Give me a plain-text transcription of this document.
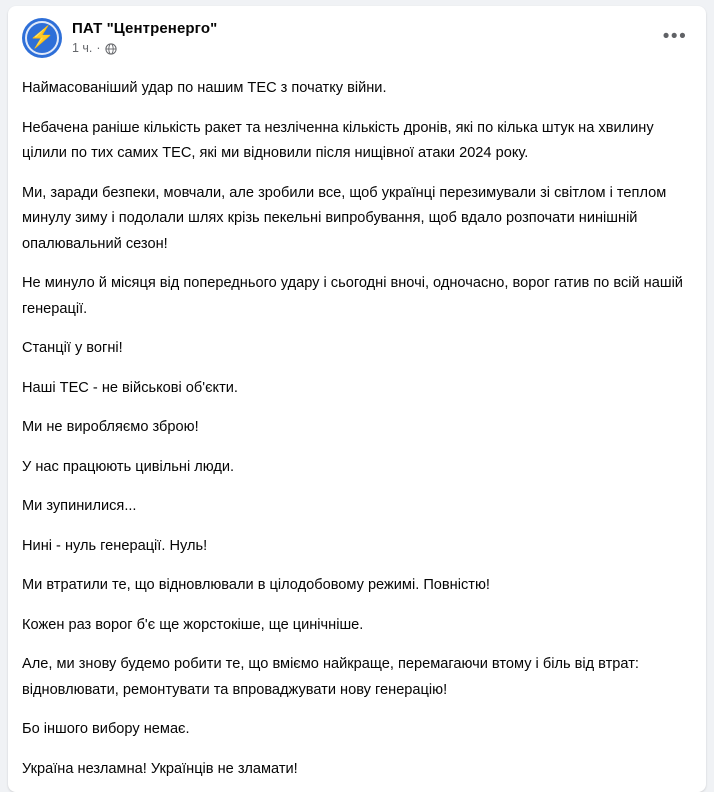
⚡ ПАТ "Центренерго"
1 ч. ·
•••

Наймасованіший удар по нашим ТЕС з початку війни.

Небачена раніше кількість ракет та незліченна кількість дронів, які по кілька штук на хвилину цілили по тих самих ТЕС, які ми відновили після нищівної атаки 2024 року.

Ми, заради безпеки, мовчали, але зробили все, щоб українці перезимували зі світлом і теплом минулу зиму і подолали шлях крізь пекельні випробування, щоб вдало розпочати нинішній опалювальний сезон!

Не минуло й місяця від попереднього удару і сьогодні вночі, одночасно, ворог гатив по всій нашій генерації.

Станції у вогні!

Наші ТЕС - не військові об'єкти.

Ми не виробляємо зброю!

У нас працюють цивільні люди.

Ми зупинилися...

Нині - нуль генерації. Нуль!

Ми втратили те, що відновлювали в цілодобовому режимі. Повністю!

Кожен раз ворог б'є ще жорстокіше, ще цинічніше.

Але, ми знову будемо робити те, що вміємо найкраще, перемагаючи втому і біль від втрат: відновлювати, ремонтувати та впроваджувати нову генерацію!

Бо іншого вибору немає.

Україна незламна! Українців не зламати!
